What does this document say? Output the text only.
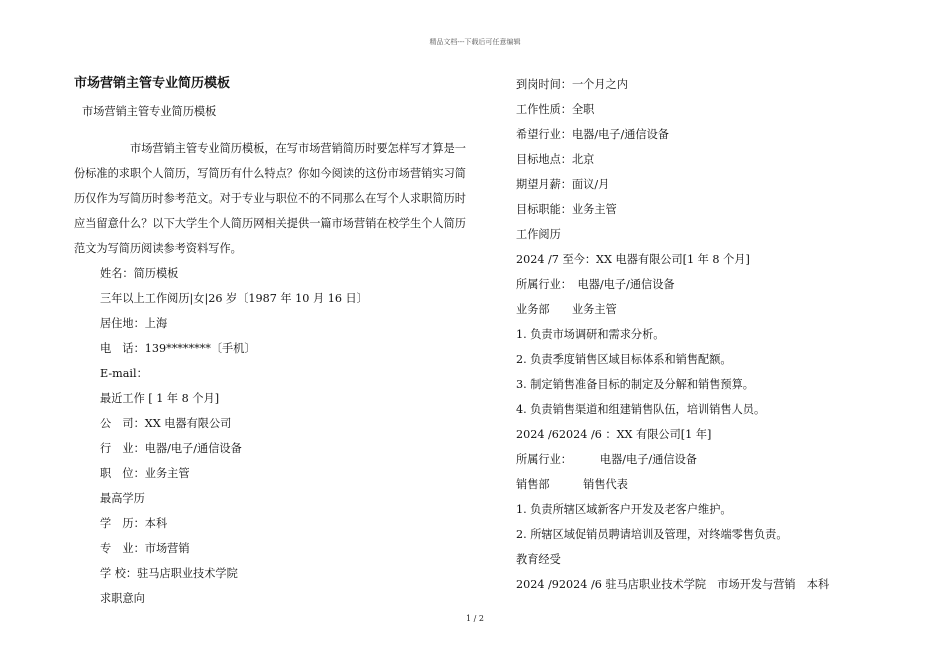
精品文档---下载后可任意编辑
市场营销主管专业简历模板
市场营销主管专业简历模板
市场营销主管专业简历模板，在写市场营销简历时要怎样写才算是一份标准的求职个人简历，写简历有什么特点？你如今阅读的这份市场营销实习简历仅作为写简历时参考范文。对于专业与职位不的不同那么在写个人求职简历时应当留意什么？以下大学生个人简历网相关提供一篇市场营销在校学生个人简历范文为写简历阅读参考资料写作。
姓名：简历模板
三年以上工作阅历|女|26 岁〔1987 年 10 月 16 日〕
居住地：上海
电　话：139********〔手机〕
E-mail：
最近工作 [ 1 年 8 个月]
公　司：XX 电器有限公司
行　业：电器/电子/通信设备
职　位：业务主管
最高学历
学　历：本科
专　业：市场营销
学 校：驻马店职业技术学院
求职意向
到岗时间：一个月之内
工作性质：全职
希望行业：电器/电子/通信设备
目标地点：北京
期望月薪：面议/月
目标职能：业务主管
工作阅历
2024 /7 至今：XX 电器有限公司[1 年 8 个月]
所属行业：　电器/电子/通信设备
业务部　　业务主管
1. 负责市场调研和需求分析。
2. 负责季度销售区域目标体系和销售配额。
3. 制定销售准备目标的制定及分解和销售预算。
4. 负责销售渠道和组建销售队伍，培训销售人员。
2024 /62024 /6 ：XX 有限公司[1 年]
所属行业：　　　电器/电子/通信设备
销售部　　　销售代表
1. 负责所辖区域新客户开发及老客户维护。
2. 所辖区域促销员聘请培训及管理，对终端零售负责。
教育经受
2024 /92024 /6 驻马店职业技术学院　市场开发与营销　本科
1 / 2
